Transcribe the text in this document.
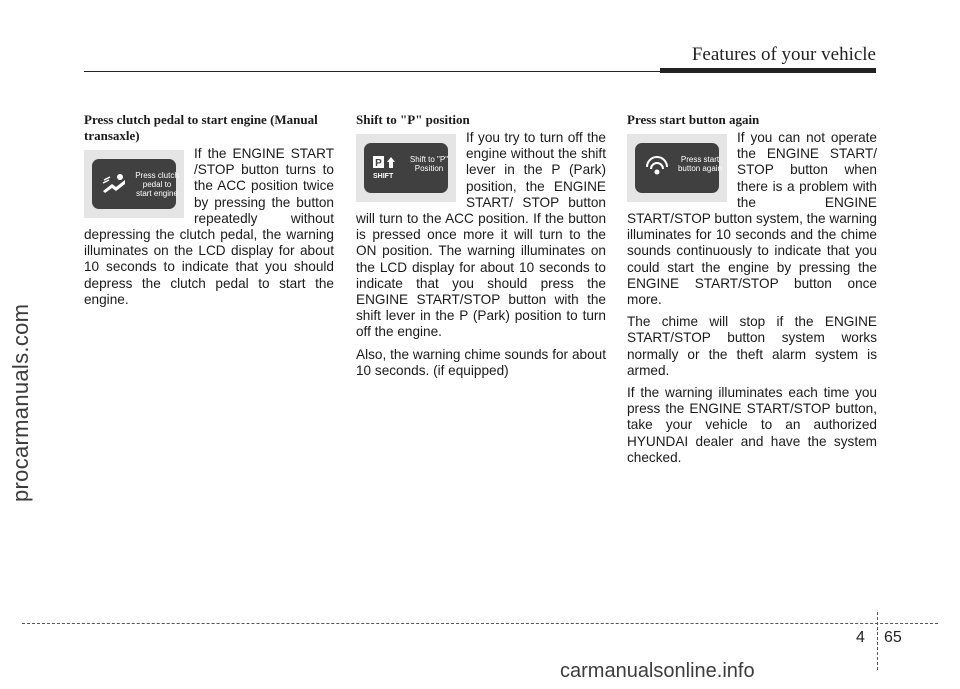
Features of your vehicle
procarmanuals.com
Press clutch pedal to start engine (Manual transaxle)
Press clutch pedal to start engine

If the ENGINE START /STOP button turns to the ACC position twice by pressing the button repeatedly without depressing the clutch pedal, the warning illuminates on the LCD display for about 10 seconds to indicate that you should depress the clutch pedal to start the engine.

Shift to "P" position
P
SHIFT
Shift to "P" Position

If you try to turn off the engine without the shift lever in the P (Park) position, the ENGINE START/ STOP button will turn to the ACC position. If the button is pressed once more it will turn to the ON position. The warning illuminates on the LCD display for about 10 seconds to indicate that you should press the ENGINE START/STOP button with the shift lever in the P (Park) position to turn off the engine.

Also, the warning chime sounds for about 10 seconds. (if equipped)

Press start button again
Press start button again

If you can not operate the ENGINE START/ STOP button when there is a problem with the ENGINE START/STOP button system, the warning illuminates for 10 seconds and the chime sounds continuously to indicate that you could start the engine by pressing the ENGINE START/STOP button once more.

The chime will stop if the ENGINE START/STOP button system works normally or the theft alarm system is armed.

If the warning illuminates each time you press the ENGINE START/STOP button, take your vehicle to an authorized HYUNDAI dealer and have the system checked.

4 65
carmanualsonline.info
